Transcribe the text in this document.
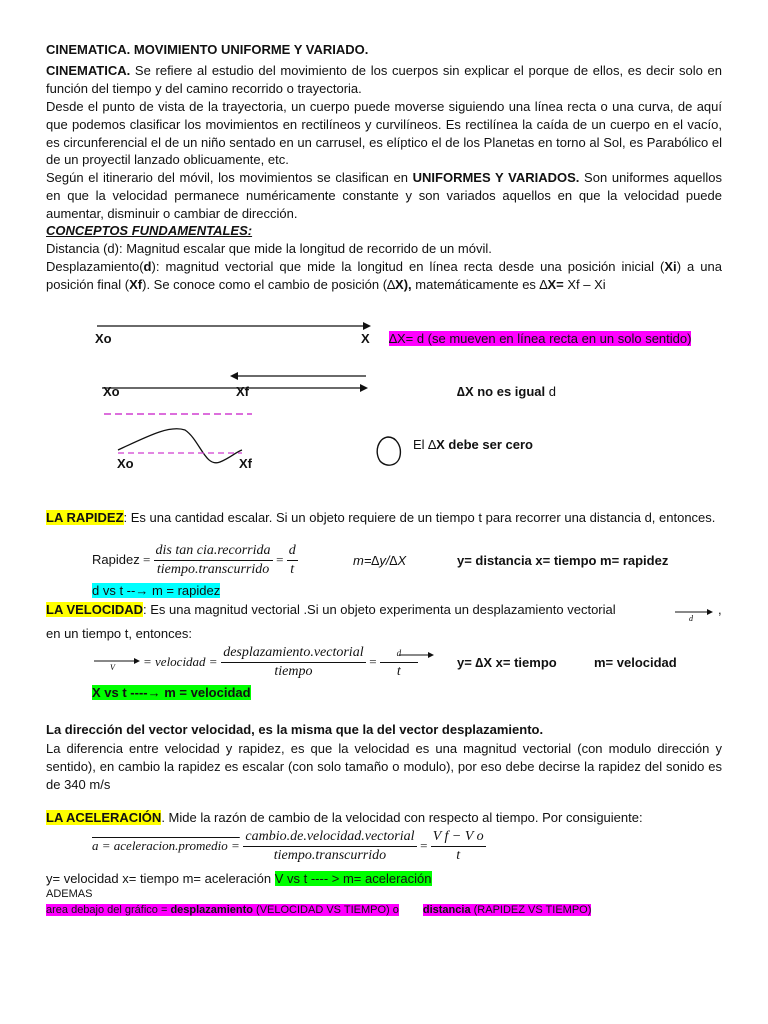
CINEMATICA. MOVIMIENTO UNIFORME Y VARIADO.
CINEMATICA. Se refiere al estudio del movimiento de los cuerpos sin explicar el porque de ellos, es decir solo en función del tiempo y del camino recorrido o trayectoria.
Desde el punto de vista de la trayectoria, un cuerpo puede moverse siguiendo una línea recta o una curva, de aquí que podemos clasificar los movimientos en rectilíneos y curvilíneos. Es rectilínea la caída de un cuerpo en el vacío, es circunferencial el de un niño sentado en un carrusel, es elíptico el de los Planetas en torno al Sol, es Parabólico el de un proyectil lanzado oblicuamente, etc.
Según el itinerario del móvil, los movimientos se clasifican en UNIFORMES Y VARIADOS. Son uniformes aquellos en que la velocidad permanece numéricamente constante y son variados aquellos en que la velocidad puede aumentar, disminuir o cambiar de dirección.
CONCEPTOS FUNDAMENTALES:
Distancia (d): Magnitud escalar que mide la longitud de recorrido de un móvil.
Desplazamiento(d): magnitud vectorial que mide la longitud en línea recta desde una posición inicial (Xi) a una posición final (Xf). Se conoce como el cambio de posición (∆X), matemáticamente es ∆X= Xf – Xi
Xo	X ∆X= d (se mueven en línea recta en un solo sentido)
Xo	Xf	∆X no es igual d
Xo	Xf
El ∆X debe ser cero
LA RAPIDEZ: Es una cantidad escalar. Si un objeto requiere de un tiempo t para recorrer una distancia d, entonces.
Rapidez = $\frac{\text{dis tan cia.recorrida}}{\text{tiempo.transcurrido}} = \frac{d}{t}$	m=∆y/∆X	y= distancia x= tiempo m= rapidez
d vs t --→ m = rapidez
LA VELOCIDAD: Es una magnitud vectorial .Si un objeto experimenta un desplazamiento vectorial
d
,
en un tiempo t, entonces:
V = velocidad = $\frac{\text{desplazamiento.vectorial}}{\text{tiempo}} = \frac{d}{t}$	y= ∆X x= tiempo	m= velocidad
X vs t ----→ m = velocidad
La dirección del vector velocidad, es la misma que la del vector desplazamiento.
La diferencia entre velocidad y rapidez, es que la velocidad es una magnitud vectorial (con modulo dirección y sentido), en cambio la rapidez es escalar (con solo tamaño o modulo), por eso debe decirse la rapidez del sonido es de 340 m/s
LA ACELERACIÓN. Mide la razón de cambio de la velocidad con respecto al tiempo. Por consiguiente:
a = aceleracion.promedio = $\frac{\text{cambio.de.velocidad.vectorial}}{\text{tiempo.transcurrido}} = \frac{\text{V f − V o}}{t}$
y= velocidad x= tiempo m= aceleración V vs t ---- > m= aceleración
ADEMAS
area debajo del gráfico = desplazamiento (VELOCIDAD VS TIEMPO) o distancia (RAPIDEZ VS TIEMPO)
